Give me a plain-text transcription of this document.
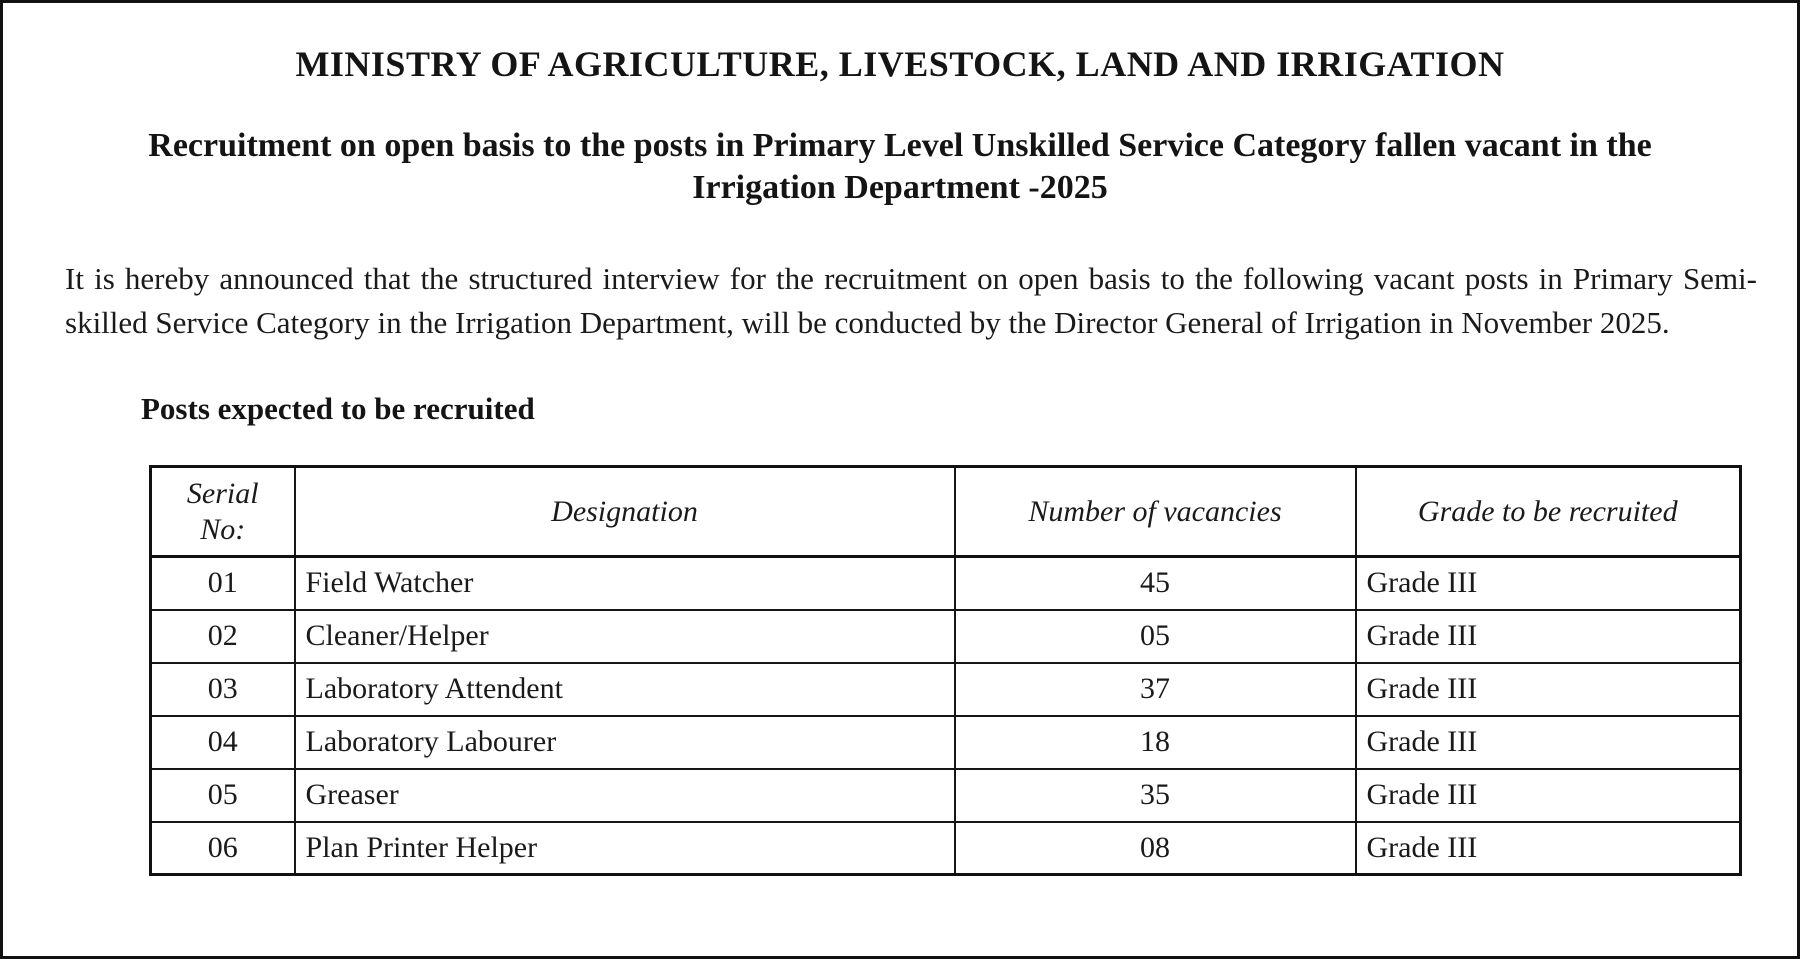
MINISTRY OF AGRICULTURE, LIVESTOCK, LAND AND IRRIGATION
Recruitment on open basis to the posts in Primary Level Unskilled Service Category fallen vacant in the
Irrigation Department -2025
It is hereby announced that the structured interview for the recruitment on open basis to the following vacant posts in Primary Semi-skilled Service Category in the Irrigation Department, will be conducted by the Director General of Irrigation in November 2025.
Posts expected to be recruited
Serial No:	Designation	Number of vacancies	Grade to be recruited
01	Field Watcher	45	Grade III
02	Cleaner/Helper	05	Grade III
03	Laboratory Attendent	37	Grade III
04	Laboratory Labourer	18	Grade III
05	Greaser	35	Grade III
06	Plan Printer Helper	08	Grade III
